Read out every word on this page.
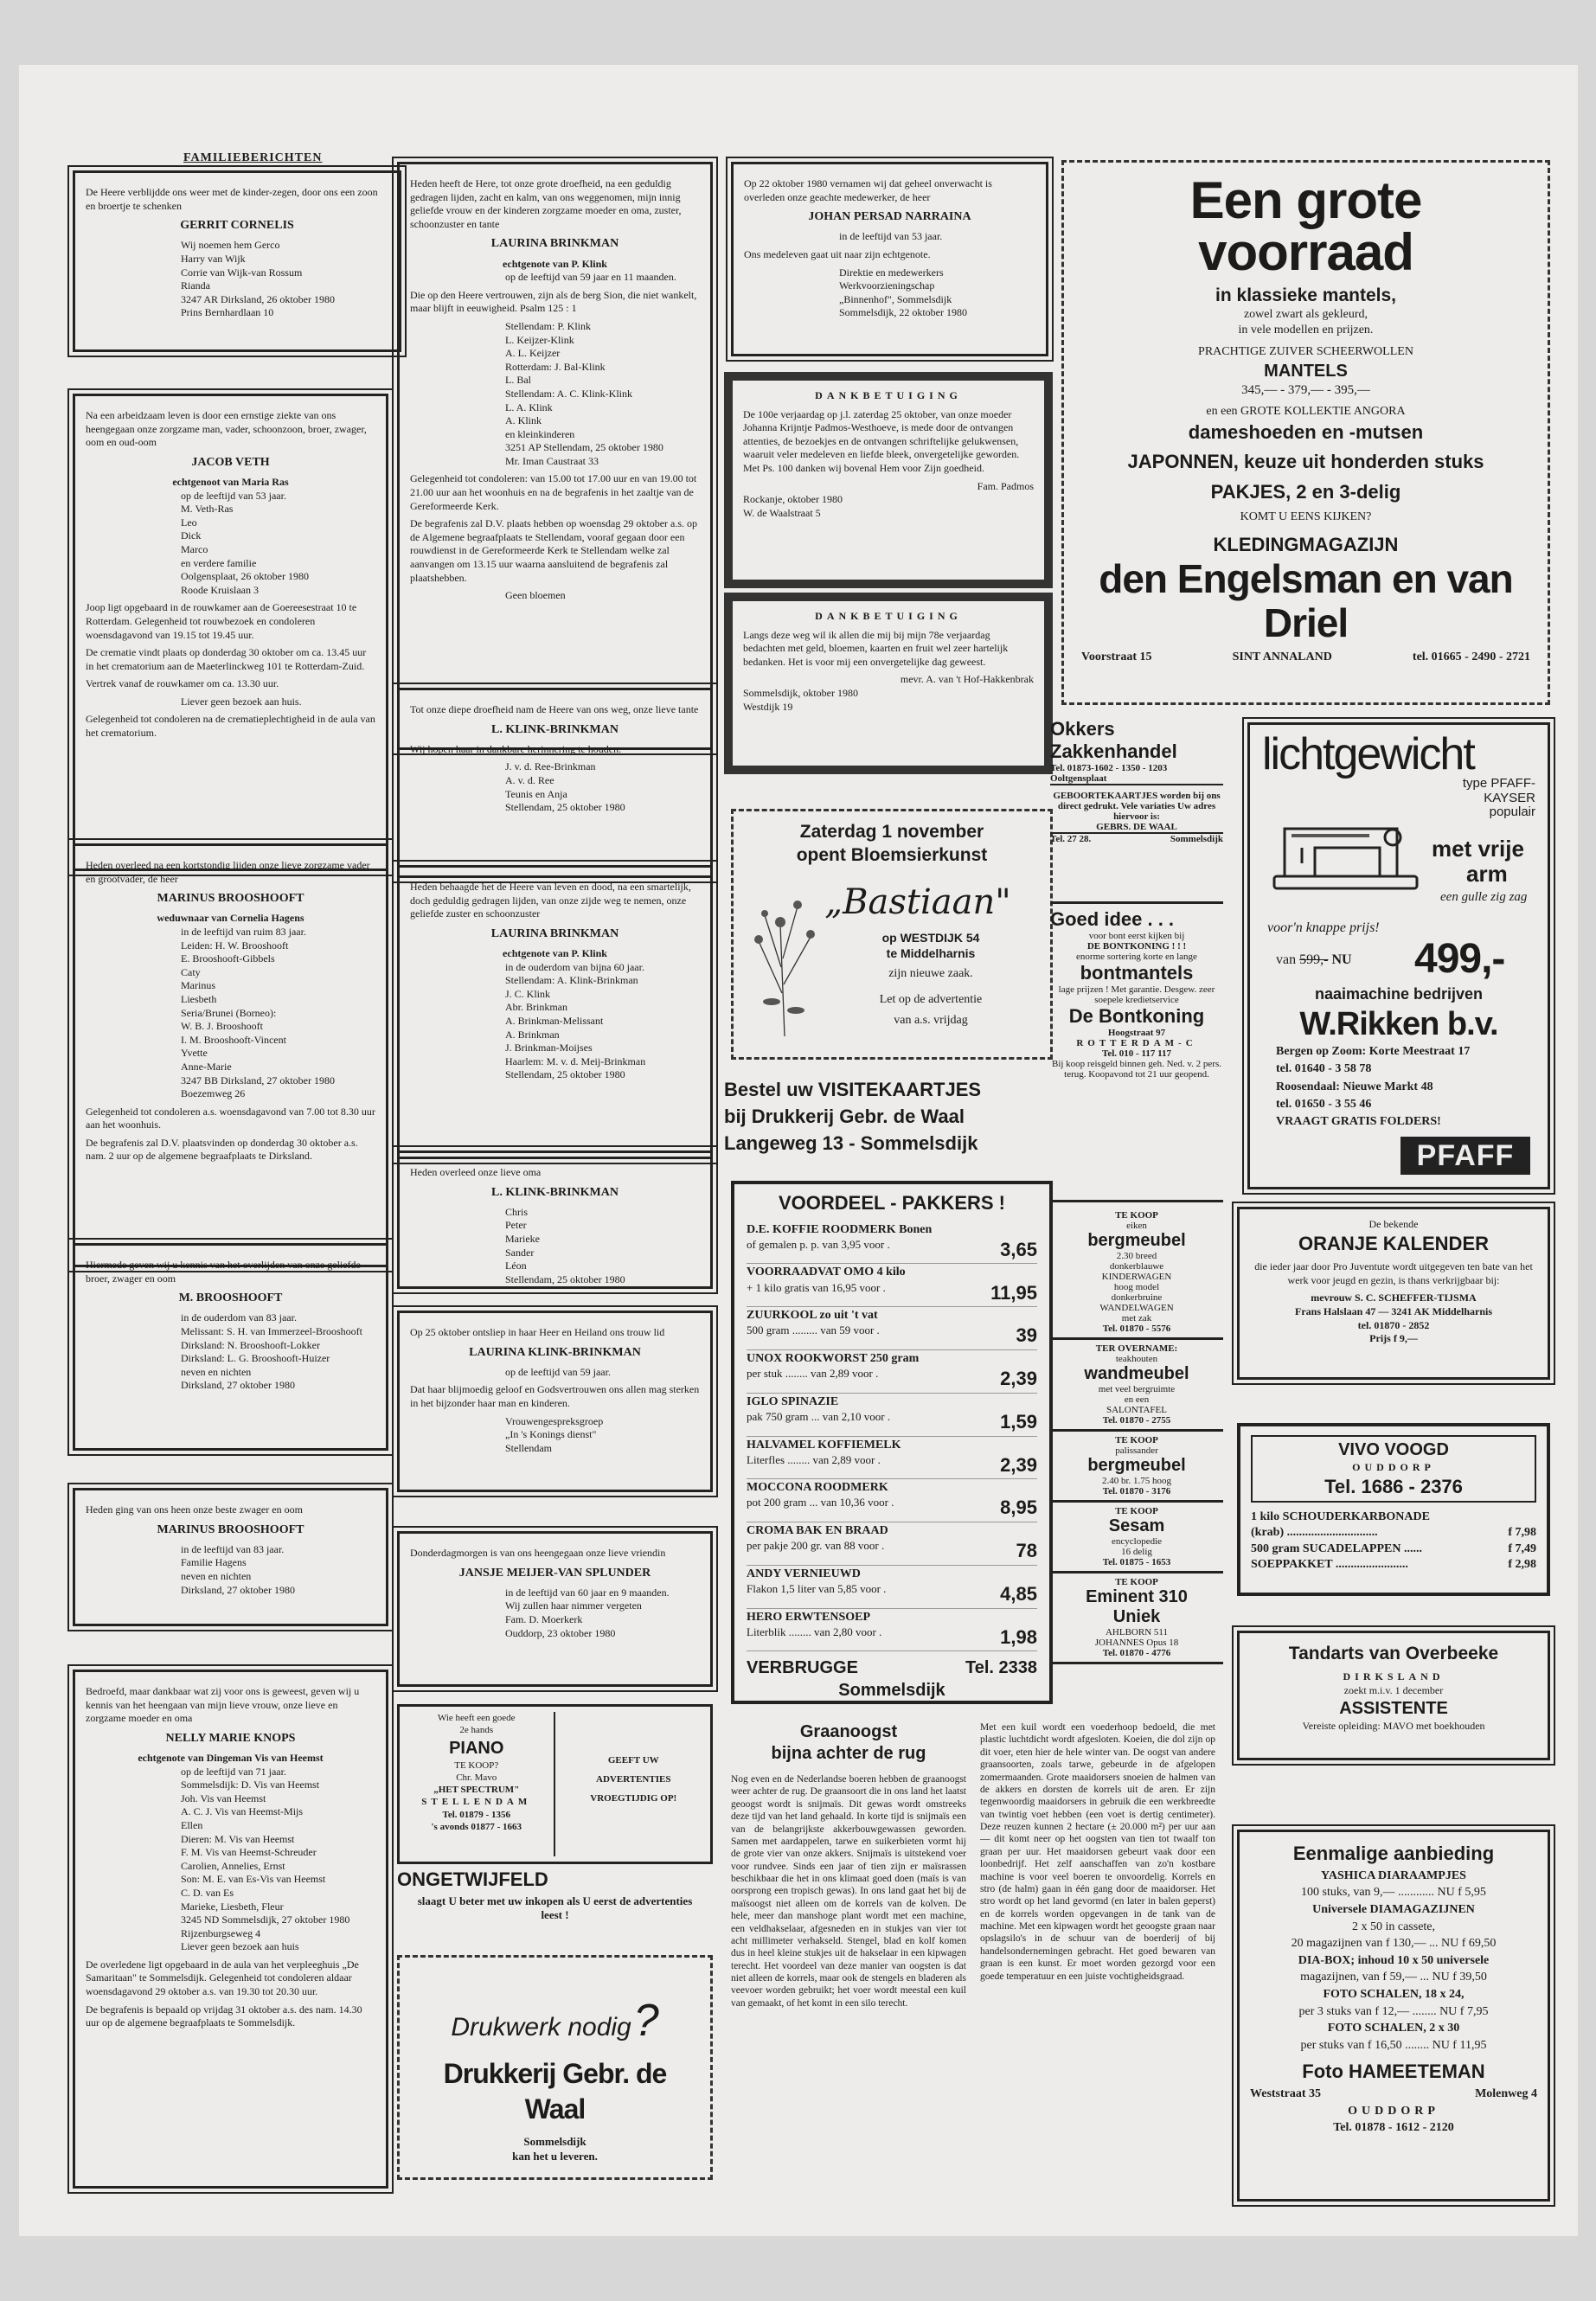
FAMILIEBERICHTEN
De Heere verblijdde ons weer met de kinder-zegen, door ons een zoon en broertje te schenken
GERRIT CORNELIS
Wij noemen hem Gerco
Harry van Wijk
Corrie van Wijk-van Rossum
Rianda
3247 AR Dirksland, 26 oktober 1980
Prins Bernhardlaan 10
Na een arbeidzaam leven is door een ernstige ziekte van ons heengegaan onze zorgzame man, vader, schoonzoon, broer, zwager, oom en oud-oom
JACOB VETH
echtgenoot van Maria Ras
op de leeftijd van 53 jaar.
M. Veth-Ras
Leo
Dick
Marco
en verdere familie
Oolgensplaat, 26 oktober 1980
Roode Kruislaan 3
Joop ligt opgebaard in de rouwkamer aan de Goereesestraat 10 te Rotterdam. Gelegenheid tot rouwbezoek en condoleren woensdagavond van 19.15 tot 19.45 uur.
De crematie vindt plaats op donderdag 30 oktober om ca. 13.45 uur in het crematorium aan de Maeterlinckweg 101 te Rotterdam-Zuid.
Vertrek vanaf de rouwkamer om ca. 13.30 uur.
Liever geen bezoek aan huis.
Gelegenheid tot condoleren na de crematieplechtigheid in de aula van het crematorium.
Heden overleed na een kortstondig lijden onze lieve zorgzame vader en grootvader, de heer
MARINUS BROOSHOOFT
weduwnaar van Cornelia Hagens
in de leeftijd van ruim 83 jaar.
Leiden: H. W. Brooshooft
E. Brooshooft-Gibbels
Caty
Marinus
Liesbeth
Seria/Brunei (Borneo):
W. B. J. Brooshooft
I. M. Brooshooft-Vincent
Yvette
Anne-Marie
3247 BB Dirksland, 27 oktober 1980
Boezemweg 26
Gelegenheid tot condoleren a.s. woensdagavond van 7.00 tot 8.30 uur aan het woonhuis.
De begrafenis zal D.V. plaatsvinden op donderdag 30 oktober a.s. nam. 2 uur op de algemene begraafplaats te Dirksland.
Hiermede geven wij u kennis van het overlijden van onze geliefde broer, zwager en oom
M. BROOSHOOFT
in de ouderdom van 83 jaar.
Melissant: S. H. van Immerzeel-Brooshooft
Dirksland: N. Brooshooft-Lokker
Dirksland: L. G. Brooshooft-Huizer
neven en nichten
Dirksland, 27 oktober 1980
Heden ging van ons heen onze beste zwager en oom
MARINUS BROOSHOOFT
in de leeftijd van 83 jaar.
Familie Hagens
neven en nichten
Dirksland, 27 oktober 1980
Bedroefd, maar dankbaar wat zij voor ons is geweest, geven wij u kennis van het heengaan van mijn lieve vrouw, onze lieve en zorgzame moeder en oma
NELLY MARIE KNOPS
echtgenote van Dingeman Vis van Heemst
op de leeftijd van 71 jaar.
Sommelsdijk: D. Vis van Heemst
Joh. Vis van Heemst
A. C. J. Vis van Heemst-Mijs
Ellen
Dieren: M. Vis van Heemst
F. M. Vis van Heemst-Schreuder
Carolien, Annelies, Ernst
Son: M. E. van Es-Vis van Heemst
C. D. van Es
Marieke, Liesbeth, Fleur
3245 ND Sommelsdijk, 27 oktober 1980
Rijzenburgseweg 4
Liever geen bezoek aan huis
De overledene ligt opgebaard in de aula van het verpleeghuis „De Samaritaan" te Sommelsdijk. Gelegenheid tot condoleren aldaar woensdagavond 29 oktober a.s. van 19.30 tot 20.30 uur.
De begrafenis is bepaald op vrijdag 31 oktober a.s. des nam. 14.30 uur op de algemene begraafplaats te Sommelsdijk.
Heden heeft de Here, tot onze grote droefheid, na een geduldig gedragen lijden, zacht en kalm, van ons weggenomen, mijn innig geliefde vrouw en der kinderen zorgzame moeder en oma, zuster, schoonzuster en tante
LAURINA BRINKMAN
echtgenote van P. Klink
op de leeftijd van 59 jaar en 11 maanden.
Die op den Heere vertrouwen, zijn als de berg Sion, die niet wankelt, maar blijft in eeuwigheid. Psalm 125 : 1
Stellendam: P. Klink
L. Keijzer-Klink
A. L. Keijzer
Rotterdam: J. Bal-Klink
L. Bal
Stellendam: A. C. Klink-Klink
L. A. Klink
A. Klink
en kleinkinderen
3251 AP Stellendam, 25 oktober 1980
Mr. Iman Caustraat 33
Gelegenheid tot condoleren: van 15.00 tot 17.00 uur en van 19.00 tot 21.00 uur aan het woonhuis en na de begrafenis in het zaaltje van de Gereformeerde Kerk.
De begrafenis zal D.V. plaats hebben op woensdag 29 oktober a.s. op de Algemene begraafplaats te Stellendam, vooraf gegaan door een rouwdienst in de Gereformeerde Kerk te Stellendam welke zal aanvangen om 13.15 uur waarna aansluitend de begrafenis zal plaatshebben.
Geen bloemen
Tot onze diepe droefheid nam de Heere van ons weg, onze lieve tante
L. KLINK-BRINKMAN
Wij hopen haar in dankbare herinnering te houden.
J. v. d. Ree-Brinkman
A. v. d. Ree
Teunis en Anja
Stellendam, 25 oktober 1980
Heden behaagde het de Heere van leven en dood, na een smartelijk, doch geduldig gedragen lijden, van onze zijde weg te nemen, onze geliefde zuster en schoonzuster
LAURINA BRINKMAN
echtgenote van P. Klink
in de ouderdom van bijna 60 jaar.
Stellendam: A. Klink-Brinkman
J. C. Klink
Abr. Brinkman
A. Brinkman-Melissant
A. Brinkman
J. Brinkman-Moijses
Haarlem: M. v. d. Meij-Brinkman
Stellendam, 25 oktober 1980
Heden overleed onze lieve oma
L. KLINK-BRINKMAN
Chris
Peter
Marieke
Sander
Léon
Stellendam, 25 oktober 1980
Op 25 oktober ontsliep in haar Heer en Heiland ons trouw lid
LAURINA KLINK-BRINKMAN
op de leeftijd van 59 jaar.
Dat haar blijmoedig geloof en Godsvertrouwen ons allen mag sterken in het bijzonder haar man en kinderen.
Vrouwengespreksgroep
„In 's Konings dienst"
Stellendam
Donderdagmorgen is van ons heengegaan onze lieve vriendin
JANSJE MEIJER-VAN SPLUNDER
in de leeftijd van 60 jaar en 9 maanden.
Wij zullen haar nimmer vergeten
Fam. D. Moerkerk
Ouddorp, 23 oktober 1980
Wie heeft een goede
2e hands
PIANO
TE KOOP?
Chr. Mavo
„HET SPECTRUM"
STELLENDAM
Tel. 01879 - 1356
's avonds 01877 - 1663
GEEFT UW
ADVERTENTIES
VROEGTIJDIG OP!
ONGETWIJFELD
slaagt U beter met uw inkopen als U eerst de advertenties leest !
Drukwerk nodig ?
Drukkerij Gebr. de Waal
Sommelsdijk
kan het u leveren.
Op 22 oktober 1980 vernamen wij dat geheel onverwacht is overleden onze geachte medewerker, de heer
JOHAN PERSAD NARRAINA
in de leeftijd van 53 jaar.
Ons medeleven gaat uit naar zijn echtgenote.
Direktie en medewerkers
Werkvoorzieningschap
„Binnenhof", Sommelsdijk
Sommelsdijk, 22 oktober 1980
DANKBETUIGING
De 100e verjaardag op j.l. zaterdag 25 oktober, van onze moeder Johanna Krijntje Padmos-Westhoeve, is mede door de ontvangen attenties, de bezoekjes en de ontvangen schriftelijke gelukwensen, waaruit veler medeleven en liefde bleek, onvergetelijke geworden. Met Ps. 100 danken wij bovenal Hem voor Zijn goedheid.
Fam. Padmos
Rockanje, oktober 1980
W. de Waalstraat 5
DANKBETUIGING
Langs deze weg wil ik allen die mij bij mijn 78e verjaardag bedachten met geld, bloemen, kaarten en fruit wel zeer hartelijk bedanken. Het is voor mij een onvergetelijke dag geweest.
mevr. A. van 't Hof-Hakkenbrak
Sommelsdijk, oktober 1980
Westdijk 19
Zaterdag 1 november
opent Bloemsierkunst
„Bastiaan"
op WESTDIJK 54
te Middelharnis
zijn nieuwe zaak.
Let op de advertentie
van a.s. vrijdag
Bestel uw VISITEKAARTJES
bij Drukkerij Gebr. de Waal
Langeweg 13 - Sommelsdijk
VOORDEEL - PAKKERS !
D.E. KOFFIE ROODMERK Bonen
of gemalen p. p. van 3,95 voor .	3,65
VOORRAADVAT OMO 4 kilo
+ 1 kilo gratis van 16,95 voor .	11,95
ZUURKOOL zo uit 't vat
500 gram ......... van 59 voor .	39
UNOX ROOKWORST 250 gram
per stuk ........ van 2,89 voor .	2,39
IGLO SPINAZIE
pak 750 gram ... van 2,10 voor .	1,59
HALVAMEL KOFFIEMELK
Literfles ........ van 2,89 voor .	2,39
MOCCONA ROODMERK
pot 200 gram ... van 10,36 voor .	8,95
CROMA BAK EN BRAAD
per pakje 200 gr. van 88 voor .	78
ANDY VERNIEUWD
Flakon 1,5 liter van 5,85 voor .	4,85
HERO ERWTENSOEP
Literblik ........ van 2,80 voor .	1,98
VERBRUGGE	Tel. 2338
Sommelsdijk
Graanoogst
bijna achter de rug
Nog even en de Nederlandse boeren hebben de graanoogst weer achter de rug. De graansoort die in ons land het laatst geoogst wordt is snijmaïs. Dit gewas wordt omstreeks deze tijd van het land gehaald. In korte tijd is snijmaïs een van de belangrijkste akkerbouwgewassen geworden. Samen met aardappelen, tarwe en suikerbieten vormt hij de grote vier van onze akkers. Snijmaïs is uitstekend voer voor rundvee. Sinds een jaar of tien zijn er maïsrassen beschikbaar die het in ons klimaat goed doen (maïs is van oorsprong een tropisch gewas). In ons land gaat het bij de maïsoogst niet alleen om de korrels van de kolven. De hele, meer dan manshoge plant wordt met een machine, een veldhakselaar, afgesneden en in stukjes van vier tot acht millimeter verhakseld. Stengel, blad en kolf komen dus in heel kleine stukjes uit de hakselaar in een kipwagen terecht. Het voordeel van deze manier van oogsten is dat niet alleen de korrels, maar ook de stengels en bladeren als veevoer worden gebruikt; het voer wordt meestal een kuil van gemaakt, of het komt in een silo terecht.
Met een kuil wordt een voederhoop bedoeld, die met plastic luchtdicht wordt afgesloten. Koeien, die dol zijn op dit voer, eten hier de hele winter van. De oogst van andere graansoorten, zoals tarwe, gebeurde in de afgelopen zomermaanden. Grote maaidorsers snoeien de halmen van de akkers en dorsten de korrels uit de aren. Er zijn tegenwoordig maaidorsers in gebruik die een werkbreedte van twintig voet hebben (een voet is dertig centimeter). Deze reuzen kunnen 2 hectare (± 20.000 m²) per uur aan — dit komt neer op het oogsten van tien tot twaalf ton graan per uur. Het maaidorsen gebeurt vaak door een loonbedrijf. Het zelf aanschaffen van zo'n kostbare machine is voor veel boeren te onvoordelig. Korrels en stro (de halm) gaan in één gang door de maaidorser. Het stro wordt op het land gevormd (en later in balen geperst) en de korrels worden opgevangen in de tank van de machine. Met een kipwagen wordt het geoogste graan naar opslagsilo's in de schuur van de boerderij of bij handelsondernemingen gebracht. Het goed bewaren van graan is een kunst. Er moet worden gezorgd voor een goede temperatuur en een juiste vochtigheidsgraad.
Een grote voorraad
in klassieke mantels,
zowel zwart als gekleurd,
in vele modellen en prijzen.
PRACHTIGE ZUIVER SCHEERWOLLEN
MANTELS
345,— - 379,— - 395,—
en een GROTE KOLLEKTIE ANGORA
dameshoeden en -mutsen
JAPONNEN, keuze uit honderden stuks
PAKJES, 2 en 3-delig
KOMT U EENS KIJKEN?
KLEDINGMAGAZIJN
den Engelsman en van Driel
Voorstraat 15	SINT ANNALAND	tel. 01665 - 2490 - 2721
Okkers
Zakkenhandel
Tel. 01873-1602 - 1350 - 1203
Ooltgensplaat
GEBOORTEKAARTJES worden bij ons direct gedrukt. Vele variaties Uw adres hiervoor is:
GEBRS. DE WAAL
Tel. 27 28.	Sommelsdijk
Goed idee . . .
voor bont eerst kijken bij
DE BONTKONING ! ! !
enorme sortering korte en lange
bontmantels
lage prijzen ! Met garantie. Desgew. zeer soepele kredietservice
De Bontkoning
Hoogstraat 97
ROTTERDAM-C
Tel. 010 - 117 117
Bij koop reisgeld binnen geh. Ned. v. 2 pers. terug. Koopavond tot 21 uur geopend.
TE KOOP
eiken
bergmeubel
2.30 breed
donkerblauwe
KINDERWAGEN
hoog model
donkerbruine
WANDELWAGEN
met zak
Tel. 01870 - 5576
TER OVERNAME:
teakhouten
wandmeubel
met veel bergruimte
en een
SALONTAFEL
Tel. 01870 - 2755
TE KOOP
palissander
bergmeubel
2.40 br. 1.75 hoog
Tel. 01870 - 3176
TE KOOP
Sesam
encyclopedie
16 delig
Tel. 01875 - 1653
TE KOOP
Eminent 310
Uniek
AHLBORN 511
JOHANNES Opus 18
Tel. 01870 - 4776
lichtgewicht
type PFAFF-
KAYSER
populair
met vrije
arm
een gulle zig zag
voor'n knappe prijs!
van 599,- NU 499,-
naaimachine bedrijven
W.Rikken b.v.
Bergen op Zoom: Korte Meestraat 17
tel. 01640 - 3 58 78
Roosendaal: Nieuwe Markt 48
tel. 01650 - 3 55 46
VRAAGT GRATIS FOLDERS!
PFAFF
De bekende
ORANJE KALENDER
die ieder jaar door Pro Juventute wordt uitgegeven ten bate van het werk voor jeugd en gezin, is thans verkrijgbaar bij:
mevrouw S. C. SCHEFFER-TIJSMA
Frans Halslaan 47 — 3241 AK Middelharnis
tel. 01870 - 2852
Prijs f 9,—
VIVO VOOGD
OUDDORP
Tel. 1686 - 2376
1 kilo SCHOUDERKARBONADE
(krab) ..............................	f 7,98
500 gram SUCADELAPPEN ......	f 7,49
SOEPPAKKET ........................	f 2,98
Tandarts van Overbeeke
DIRKSLAND
zoekt m.i.v. 1 december
ASSISTENTE
Vereiste opleiding: MAVO met boekhouden
Eenmalige aanbieding
YASHICA DIARAAMPJES
100 stuks, van 9,— ............ NU f 5,95
Universele DIAMAGAZIJNEN
2 x 50 in cassete,
20 magazijnen van f 130,— ... NU f 69,50
DIA-BOX; inhoud 10 x 50 universele
magazijnen, van f 59,— ... NU f 39,50
FOTO SCHALEN, 18 x 24,
per 3 stuks van f 12,— ........ NU f 7,95
FOTO SCHALEN, 2 x 30
per stuks van f 16,50 ........ NU f 11,95
Foto HAMEETEMAN
Weststraat 35	Molenweg 4
OUDDORP
Tel. 01878 - 1612 - 2120
